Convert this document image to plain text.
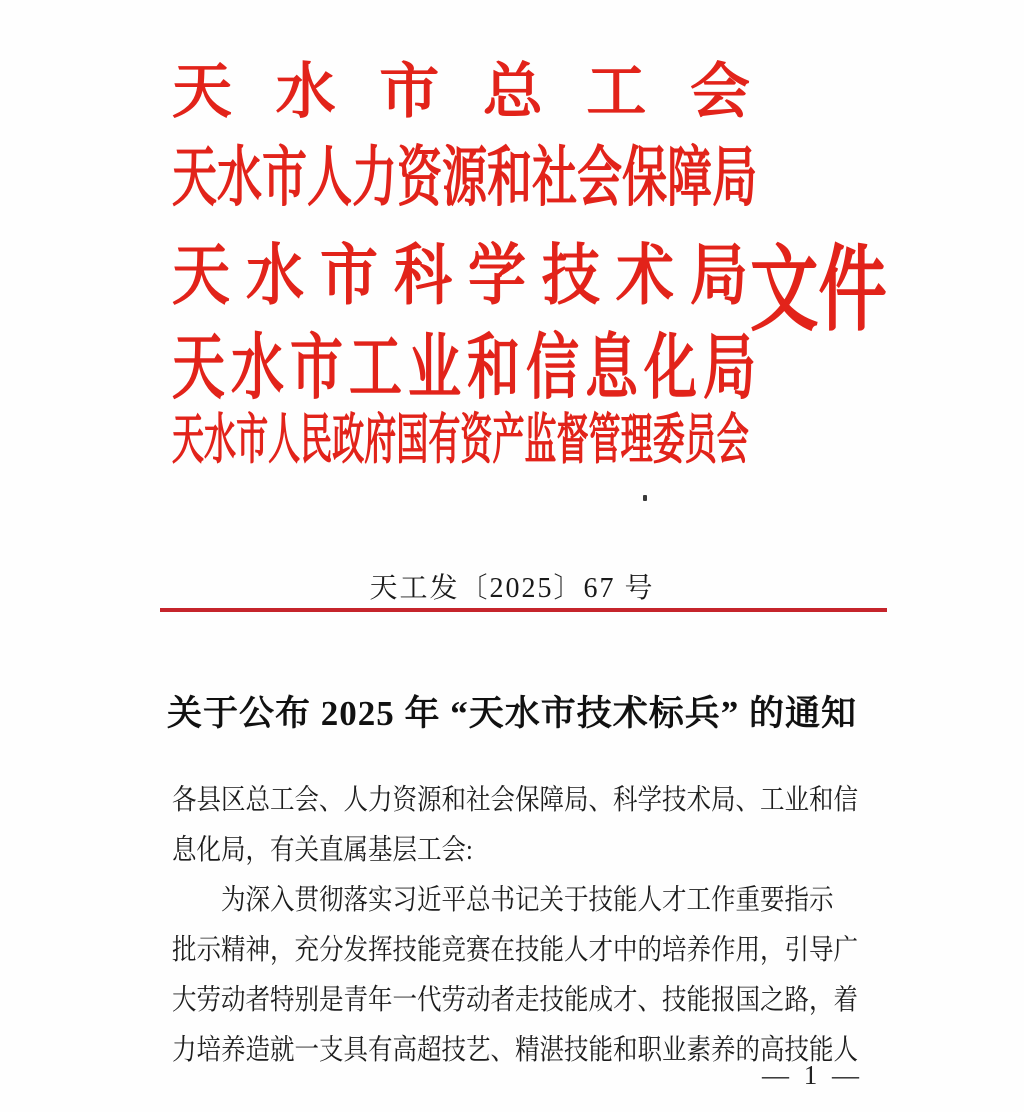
天 水 市 总 工 会
天 水 市 人 力 资 源 和 社 会 保 障 局
天 水 市 科 学 技 术 局 文件
天 水 市 工 业 和 信 息 化 局
天 水 市 人 民 政 府 国 有 资 产 监 督 管 理 委 员 会
天工发〔2025〕67 号
关于公布 2025 年 “天水市技术标兵” 的通知
各县区总工会、人力资源和社会保障局、科学技术局、工业和信
息化局，有关直属基层工会:
为深入贯彻落实习近平总书记关于技能人才工作重要指示
批示精神，充分发挥技能竞赛在技能人才中的培养作用，引导广
大劳动者特别是青年一代劳动者走技能成才、技能报国之路，着
力培养造就一支具有高超技艺、精湛技能和职业素养的高技能人
— 1 —
